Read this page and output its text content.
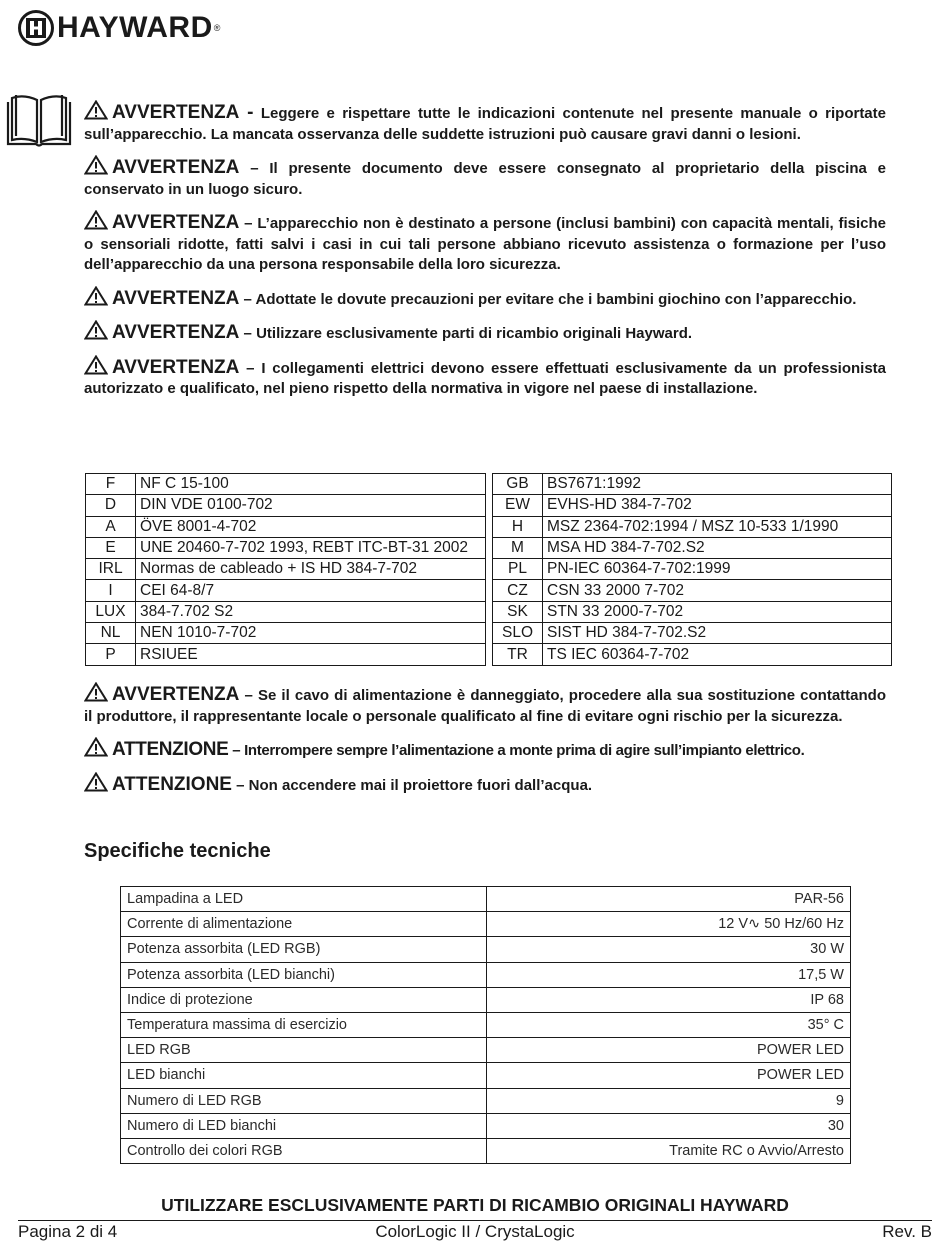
HAYWARD ®
AVVERTENZA - Leggere e rispettare tutte le indicazioni contenute nel presente manuale o riportate sull’apparecchio. La mancata osservanza delle suddette istruzioni può causare gravi danni o lesioni.
AVVERTENZA – Il presente documento deve essere consegnato al proprietario della piscina e conservato in un luogo sicuro.
AVVERTENZA – L’apparecchio non è destinato a persone (inclusi bambini) con capacità mentali, fisiche o sensoriali ridotte, fatti salvi i casi in cui tali persone abbiano ricevuto assistenza o formazione per l’uso dell’apparecchio da una persona responsabile della loro sicurezza.
AVVERTENZA – Adottate le dovute precauzioni per evitare che i bambini giochino con l’apparecchio.
AVVERTENZA – Utilizzare esclusivamente parti di ricambio originali Hayward.
AVVERTENZA – I collegamenti elettrici devono essere effettuati esclusivamente da un professionista autorizzato e qualificato, nel pieno rispetto della normativa in vigore nel paese di installazione.
F	NF C 15-100		GB	BS7671:1992
D	DIN VDE 0100-702		EW	EVHS-HD 384-7-702
A	ÖVE 8001-4-702		H	MSZ 2364-702:1994 / MSZ 10-533 1/1990
E	UNE 20460-7-702 1993, REBT ITC-BT-31 2002		M	MSA HD 384-7-702.S2
IRL	Normas de cableado + IS HD 384-7-702		PL	PN-IEC 60364-7-702:1999
I	CEI 64-8/7		CZ	CSN 33 2000 7-702
LUX	384-7.702 S2		SK	STN 33 2000-7-702
NL	NEN 1010-7-702		SLO	SIST HD 384-7-702.S2
P	RSIUEE		TR	TS IEC 60364-7-702
AVVERTENZA – Se il cavo di alimentazione è danneggiato, procedere alla sua sostituzione contattando il produttore, il rappresentante locale o personale qualificato al fine di evitare ogni rischio per la sicurezza.
ATTENZIONE – Interrompere sempre l’alimentazione a monte prima di agire sull’impianto elettrico.
ATTENZIONE – Non accendere mai il proiettore fuori dall’acqua.
Specifiche tecniche
Lampadina a LED	PAR-56
Corrente di alimentazione	12 V∿ 50 Hz/60 Hz
Potenza assorbita (LED RGB)	30 W
Potenza assorbita (LED bianchi)	17,5 W
Indice di protezione	IP 68
Temperatura massima di esercizio	35° C
LED RGB	POWER LED
LED bianchi	POWER LED
Numero di LED RGB	9
Numero di LED bianchi	30
Controllo dei colori RGB	Tramite RC o Avvio/Arresto
UTILIZZARE ESCLUSIVAMENTE PARTI DI RICAMBIO ORIGINALI HAYWARD
Pagina 2 di 4	ColorLogic II / CrystaLogic	Rev. B
